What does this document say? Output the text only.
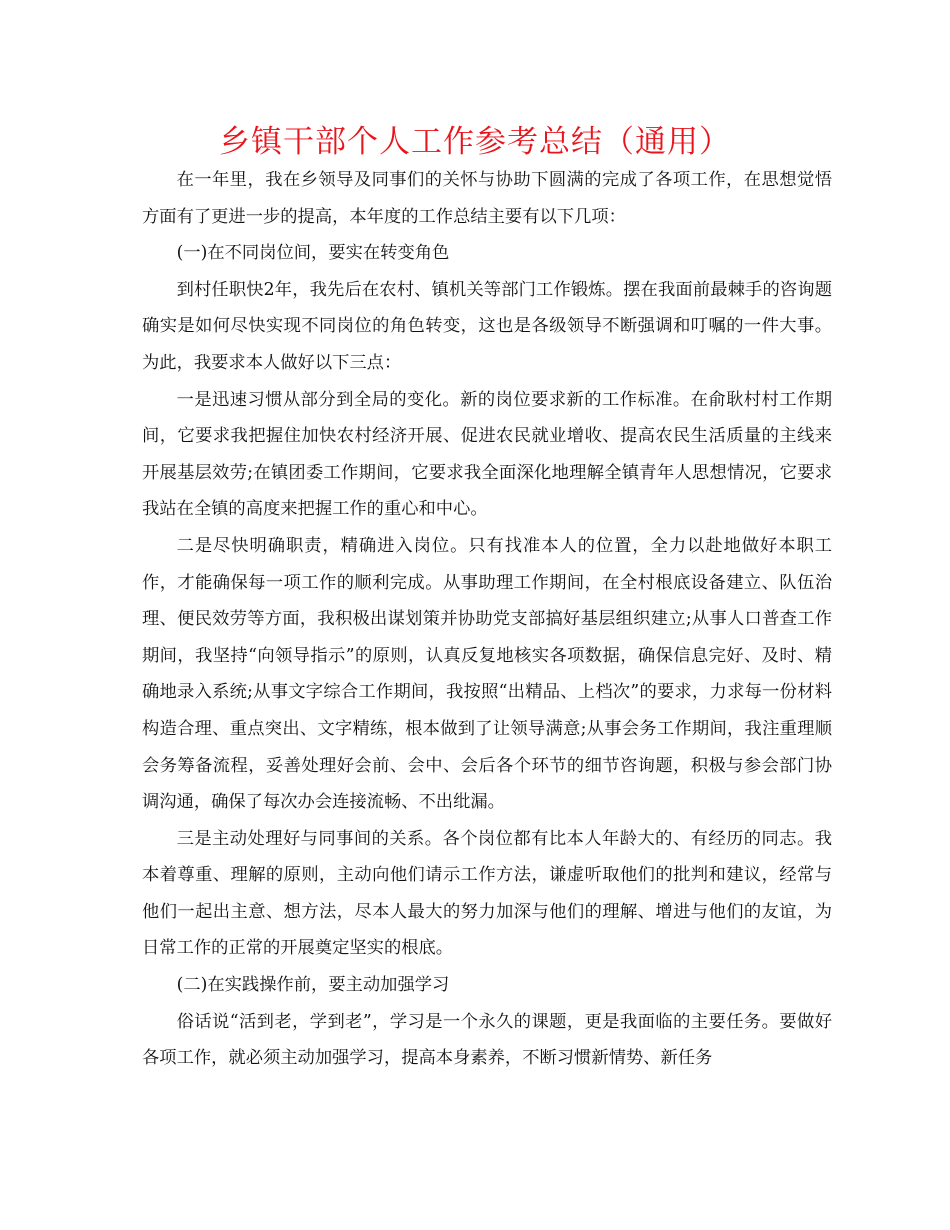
乡镇干部个人工作参考总结（通用）

在一年里，我在乡领导及同事们的关怀与协助下圆满的完成了各项工作，在思想觉悟方面有了更进一步的提高，本年度的工作总结主要有以下几项：

(一)在不同岗位间，要实在转变角色

到村任职快2年，我先后在农村、镇机关等部门工作锻炼。摆在我面前最棘手的咨询题确实是如何尽快实现不同岗位的角色转变，这也是各级领导不断强调和叮嘱的一件大事。为此，我要求本人做好以下三点：

一是迅速习惯从部分到全局的变化。新的岗位要求新的工作标准。在俞耿村村工作期间，它要求我把握住加快农村经济开展、促进农民就业增收、提高农民生活质量的主线来开展基层效劳;在镇团委工作期间，它要求我全面深化地理解全镇青年人思想情况，它要求我站在全镇的高度来把握工作的重心和中心。

二是尽快明确职责，精确进入岗位。只有找准本人的位置，全力以赴地做好本职工作，才能确保每一项工作的顺利完成。从事助理工作期间，在全村根底设备建立、队伍治理、便民效劳等方面，我积极出谋划策并协助党支部搞好基层组织建立;从事人口普查工作期间，我坚持“向领导指示”的原则，认真反复地核实各项数据，确保信息完好、及时、精确地录入系统;从事文字综合工作期间，我按照“出精品、上档次”的要求，力求每一份材料构造合理、重点突出、文字精练，根本做到了让领导满意;从事会务工作期间，我注重理顺会务筹备流程，妥善处理好会前、会中、会后各个环节的细节咨询题，积极与参会部门协调沟通，确保了每次办会连接流畅、不出纰漏。

三是主动处理好与同事间的关系。各个岗位都有比本人年龄大的、有经历的同志。我本着尊重、理解的原则，主动向他们请示工作方法，谦虚听取他们的批判和建议，经常与他们一起出主意、想方法，尽本人最大的努力加深与他们的理解、增进与他们的友谊，为日常工作的正常的开展奠定坚实的根底。

(二)在实践操作前，要主动加强学习

俗话说“活到老，学到老”，学习是一个永久的课题，更是我面临的主要任务。要做好各项工作，就必须主动加强学习，提高本身素养，不断习惯新情势、新任务
